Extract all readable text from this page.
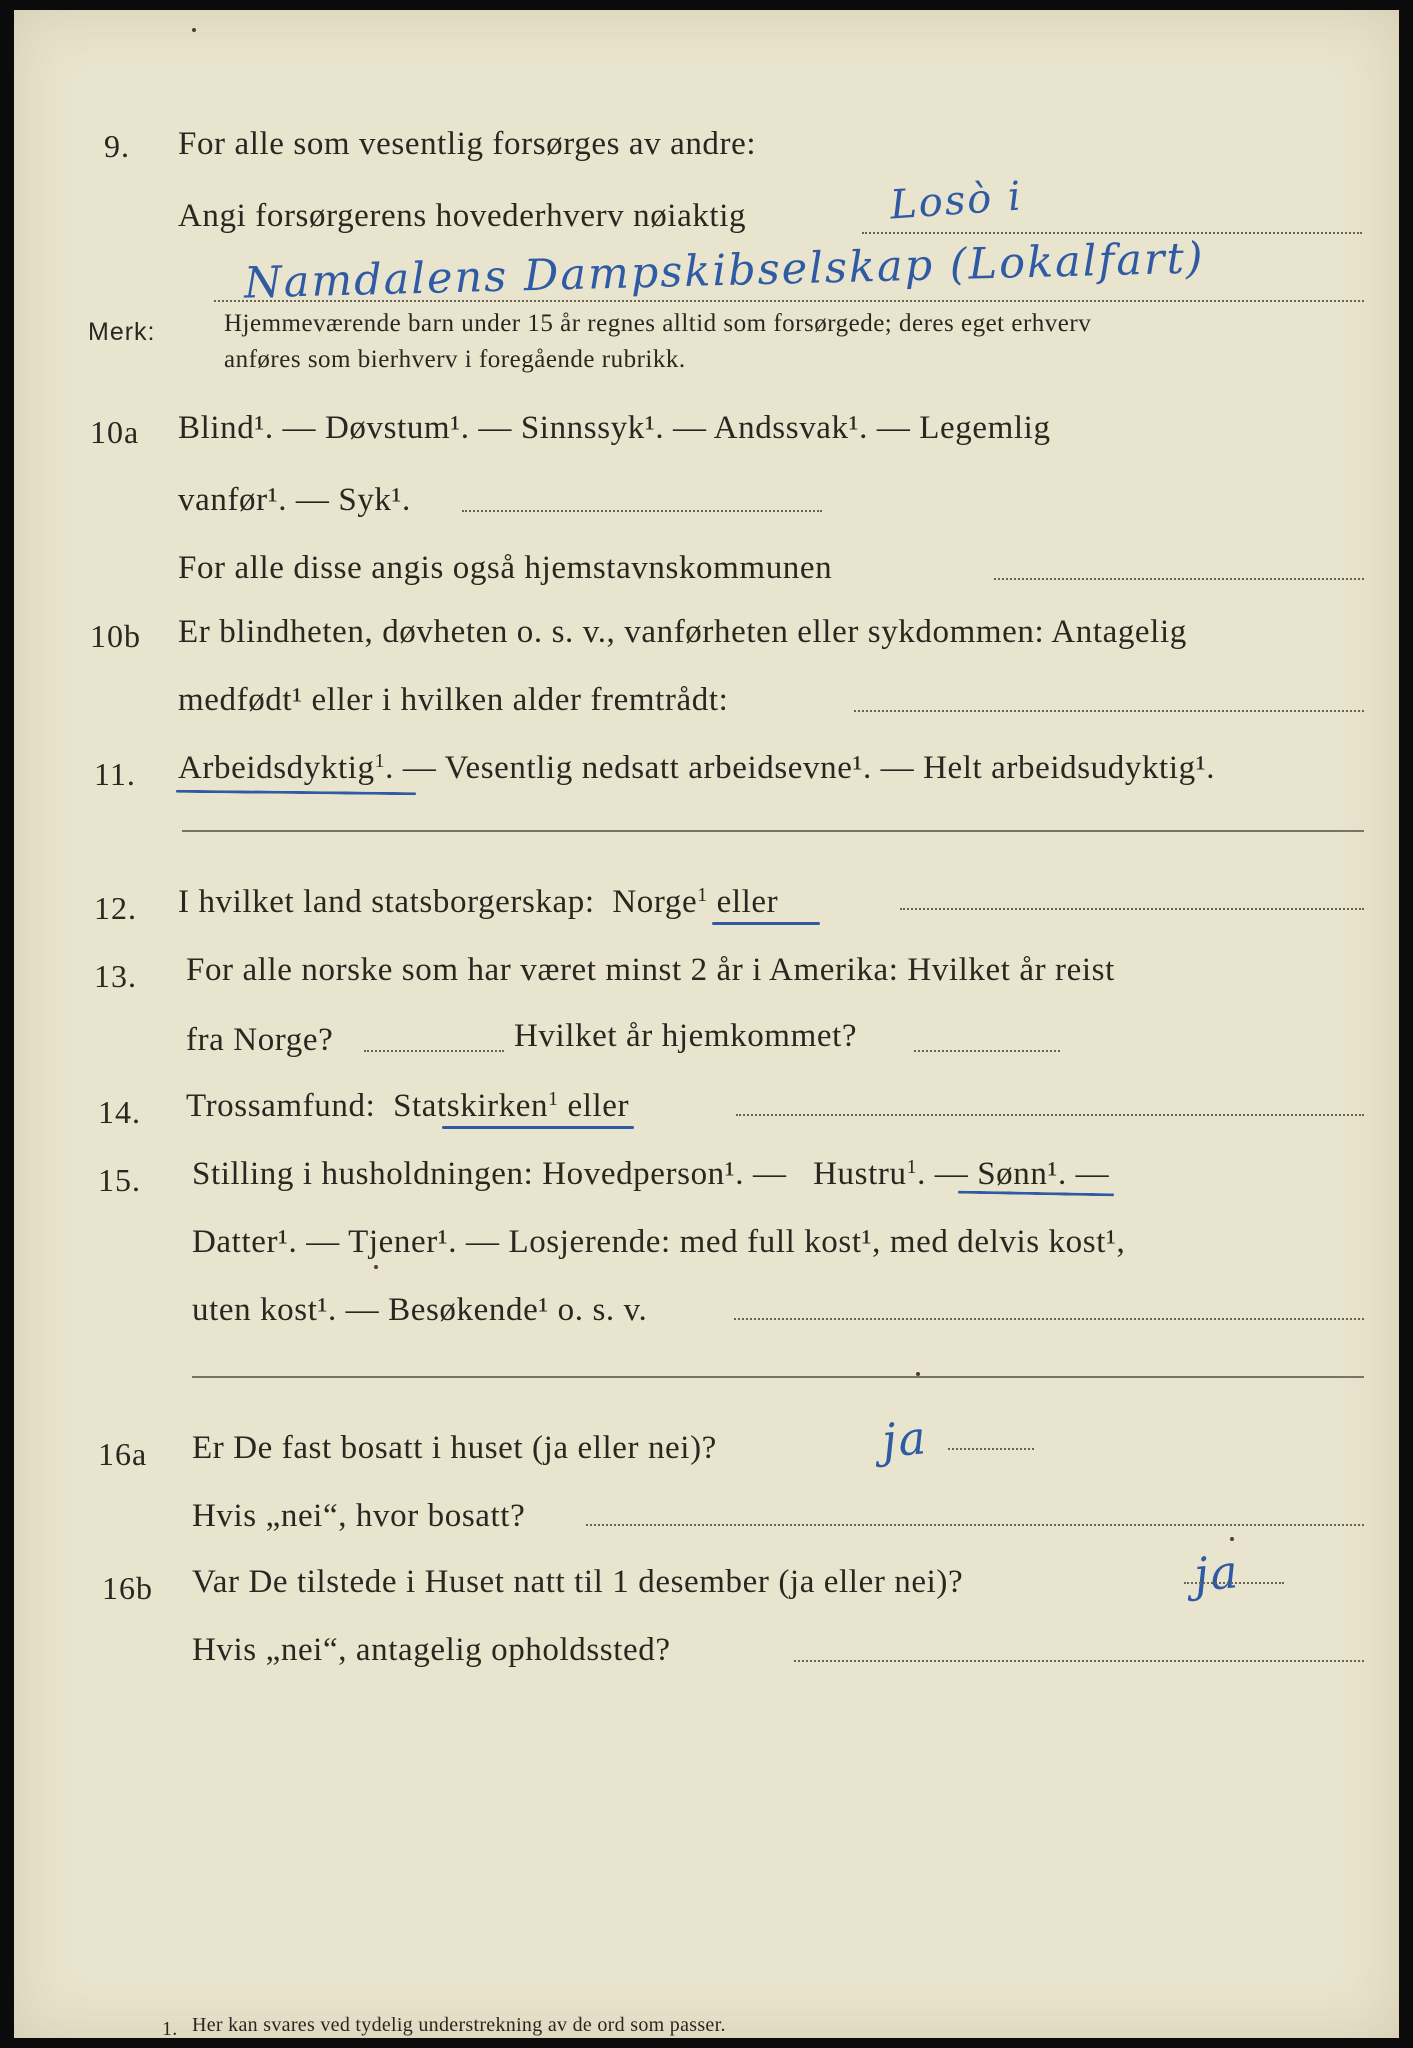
9. For alle som vesentlig forsørges av andre:
Angi forsørgerens hovederhverv nøiaktig	Losò i
Namdalens Dampskibselskap (Lokalfart)
Merk:	Hjemmeværende barn under 15 år regnes alltid som forsørgede; deres eget erhverv
anføres som bierhverv i foregående rubrikk.
10a Blind¹. — Døvstum¹. — Sinnssyk¹. — Andssvak¹. — Legemlig
vanfør¹. — Syk¹.
For alle disse angis også hjemstavnskommunen
10b Er blindheten, døvheten o. s. v., vanførheten eller sykdommen: Antagelig
medfødt¹ eller i hvilken alder fremtrådt:
11. Arbeidsdyktig$^1$. — Vesentlig nedsatt arbeidsevne¹. — Helt arbeidsudyktig¹.
12. I hvilket land statsborgerskap: Norge$^1$ eller
13. For alle norske som har været minst 2 år i Amerika: Hvilket år reist
fra Norge?	Hvilket år hjemkommet?
14. Trossamfund: Statskirken$^1$ eller
15. Stilling i husholdningen: Hovedperson¹. — Hustru$^1$. — Sønn¹. —
Datter¹. — Tjener¹. — Losjerende: med full kost¹, med delvis kost¹,
uten kost¹. — Besøkende¹ o. s. v.
16a Er De fast bosatt i huset (ja eller nei)?	ja
Hvis „nei“, hvor bosatt?
16b Var De tilstede i Huset natt til 1 desember (ja eller nei)?	ja
Hvis „nei“, antagelig opholdssted?
1. Her kan svares ved tydelig understrekning av de ord som passer.
